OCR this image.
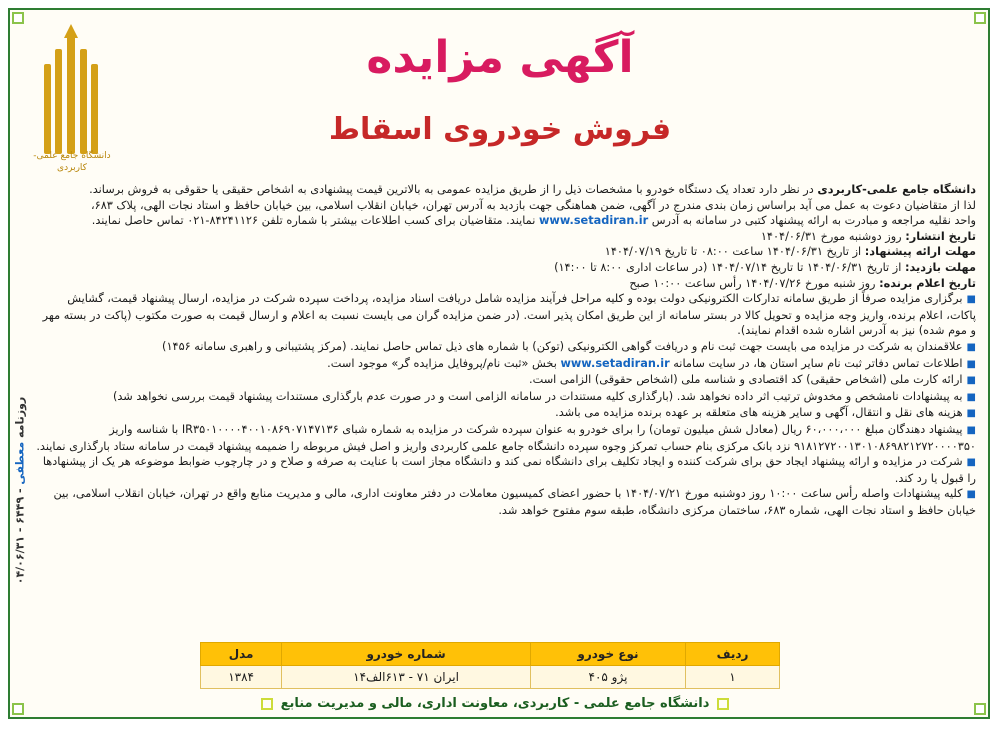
دانشگاه جامع علمی-کاربردی
آگهی مزایده
فروش خودروی اسقاط

دانشگاه جامع علمی-کاربردی در نظر دارد تعداد یک دستگاه خودرو با مشخصات ذیل را از طریق مزایده عمومی به بالاترین قیمت پیشنهادی به اشخاص حقیقی یا حقوقی به فروش برساند.

لذا از متقاضیان دعوت به عمل می آید براساس زمان بندی مندرج در آگهی، ضمن هماهنگی جهت بازدید به آدرس تهران، خیابان انقلاب اسلامی، بین خیابان حافظ و استاد نجات الهی، پلاک ۶۸۳،

واحد نقلیه مراجعه و مبادرت به ارائه پیشنهاد کتبی در سامانه به آدرس www.setadiran.ir نمایند. متقاضیان برای کسب اطلاعات بیشتر با شماره تلفن ۸۴۲۴۱۱۲۶-۰۲۱ تماس حاصل نمایند.

تاریخ انتشار: روز دوشنبه مورخ ۱۴۰۴/۰۶/۳۱

مهلت ارائه پیشنهاد: از تاریخ ۱۴۰۴/۰۶/۳۱ ساعت ۰۸:۰۰ تا تاریخ ۱۴۰۴/۰۷/۱۹

مهلت بازدید: از تاریخ ۱۴۰۴/۰۶/۳۱ تا تاریخ ۱۴۰۴/۰۷/۱۴ (در ساعات اداری ۸:۰۰ تا ۱۴:۰۰)

تاریخ اعلام برنده: روز شنبه مورخ ۱۴۰۴/۰۷/۲۶ رأس ساعت ۱۰:۰۰ صبح

■برگزاری مزایده صرفاً از طریق سامانه تدارکات الکترونیکی دولت بوده و کلیه مراحل فرآیند مزایده شامل دریافت اسناد مزایده، پرداخت سپرده شرکت در مزایده، ارسال پیشنهاد قیمت، گشایش پاکات، اعلام برنده، واریز وجه مزایده و تحویل کالا در بستر سامانه از این طریق امکان پذیر است. (در ضمن مزایده گران می بایست نسبت به اعلام و ارسال قیمت به صورت مکتوب (پاکت در بسته مهر و موم شده) نیز به آدرس اشاره شده اقدام نمایند).

■علاقمندان به شرکت در مزایده می بایست جهت ثبت نام و دریافت گواهی الکترونیکی (توکن) با شماره های ذیل تماس حاصل نمایند. (مرکز پشتیبانی و راهبری سامانه ۱۴۵۶)

■اطلاعات تماس دفاتر ثبت نام سایر استان ها، در سایت سامانه www.setadiran.ir بخش «ثبت نام/پروفایل مزایده گر» موجود است.

■ارائه کارت ملی (اشخاص حقیقی) کد اقتصادی و شناسه ملی (اشخاص حقوقی) الزامی است.

■به پیشنهادات نامشخص و مخدوش ترتیب اثر داده نخواهد شد. (بارگذاری کلیه مستندات در سامانه الزامی است و در صورت عدم بارگذاری مستندات پیشنهاد قیمت بررسی نخواهد شد)

■هزینه های نقل و انتقال، آگهی و سایر هزینه های متعلقه بر عهده برنده مزایده می باشد.

■پیشنهاد دهندگان مبلغ ۶۰،۰۰۰،۰۰۰ ریال (معادل شش میلیون تومان) را برای خودرو به عنوان سپرده شرکت در مزایده به شماره شبای IR۳۵۰۱۰۰۰۰۴۰۰۱۰۸۶۹۰۷۱۴۷۱۳۶ با شناسه واریز ۹۱۸۱۲۷۲۰۰۱۳۰۱۰۸۶۹۸۲۱۲۷۲۰۰۰۰۳۵۰ نزد بانک مرکزی بنام حساب تمرکز وجوه سپرده دانشگاه جامع علمی کاربردی واریز و اصل فیش مربوطه را ضمیمه پیشنهاد قیمت در سامانه ستاد بارگذاری نمایند.

■شرکت در مزایده و ارائه پیشنهاد ایجاد حق برای شرکت کننده و ایجاد تکلیف برای دانشگاه نمی کند و دانشگاه مجاز است با عنایت به صرفه و صلاح و در چارچوب ضوابط موضوعه هر یک از پیشنهادها را قبول یا رد کند.

■کلیه پیشنهادات واصله رأس ساعت ۱۰:۰۰ روز دوشنبه مورخ ۱۴۰۴/۰۷/۲۱ با حضور اعضای کمیسیون معاملات در دفتر معاونت اداری، مالی و مدیریت منابع واقع در تهران، خیابان انقلاب اسلامی، بین خیابان حافظ و استاد نجات الهی، شماره ۶۸۳، ساختمان مرکزی دانشگاه، طبقه سوم مفتوح خواهد شد.

روزنامه معطفی - ۶۴۴۹ - ۰۴/۰۶/۳۱
ردیف	نوع خودرو	شماره خودرو	مدل
۱	پژو ۴۰۵	ایران ۷۱ - ۶۱۳الف۱۴	۱۳۸۴
دانشگاه جامع علمی - کاربردی، معاونت اداری، مالی و مدیریت منابع
